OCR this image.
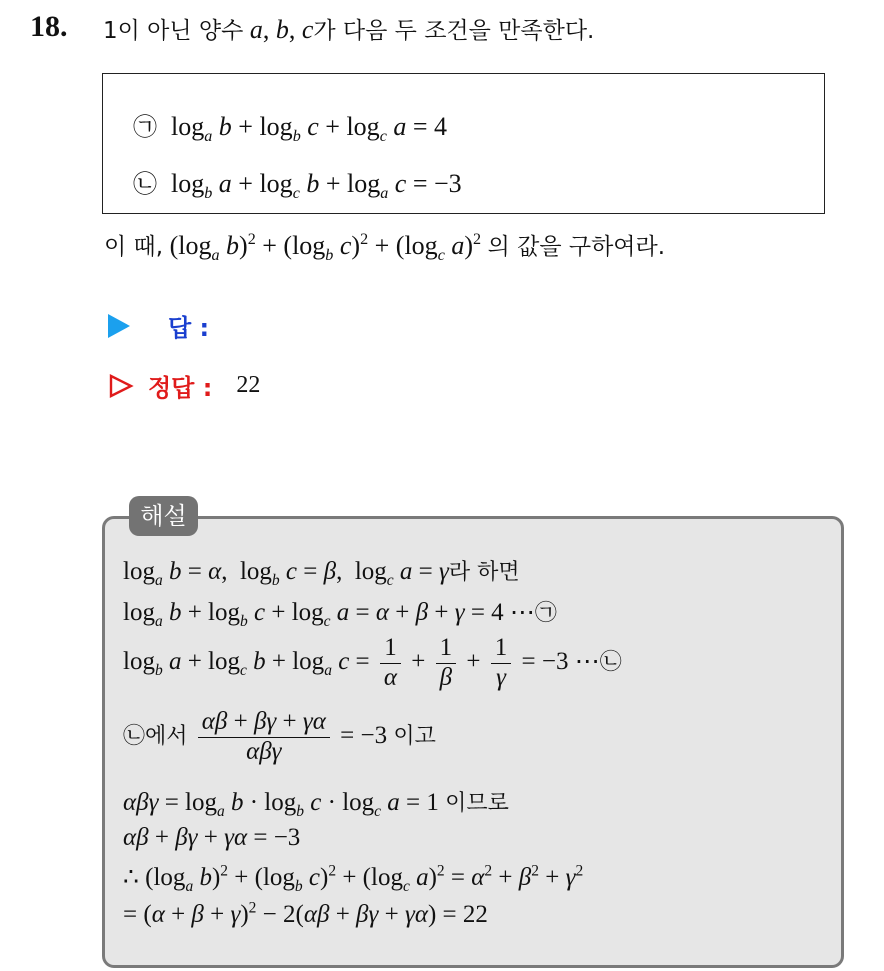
18. 1이 아닌 양수 a, b, c가 다음 두 조건을 만족한다.
㉠ $\log_a b + \log_b c + \log_c a = 4$
㉡ $\log_b a + \log_c b + \log_a c = -3$
이 때, ($\log_a$ $b)^2 + (\log_b$ $c)^2 + (\log_c$ a)$^2$ 의 값을 구하여라.
답 :
정답 : 22
해설
$\log_a b = \alpha$,  $\log_b c = \beta$,  $\log_c a = \gamma$라 하면
$\log_a b + \log_b c + \log_c a = \alpha + \beta + \gamma = 4$ ⋯㉠
$\log_b a + \log_c b + \log_a c = \frac{1}{\alpha} + \frac{1}{\beta} + \frac{1}{\gamma} = -3$ ⋯㉡
㉡에서 $\frac{\alpha\beta + \beta\gamma + \gamma\alpha}{\text{αβγ}} = -3$ 이고
$\alpha\beta\gamma = \log_a b \cdot \log_b c \cdot \log_c a = 1$ 이므로
αβ + βγ + γα = −3
∴ ($\log_a$ $b)^2 + (\log_b$ $c)^2 + (\log_c$ $a)^2 = \alpha^2 + \beta^2 + \gamma^2$
= $(\alpha + \beta + \gamma)^2 - 2(\alpha\beta + \beta\gamma + \gamma\alpha) = 22$
